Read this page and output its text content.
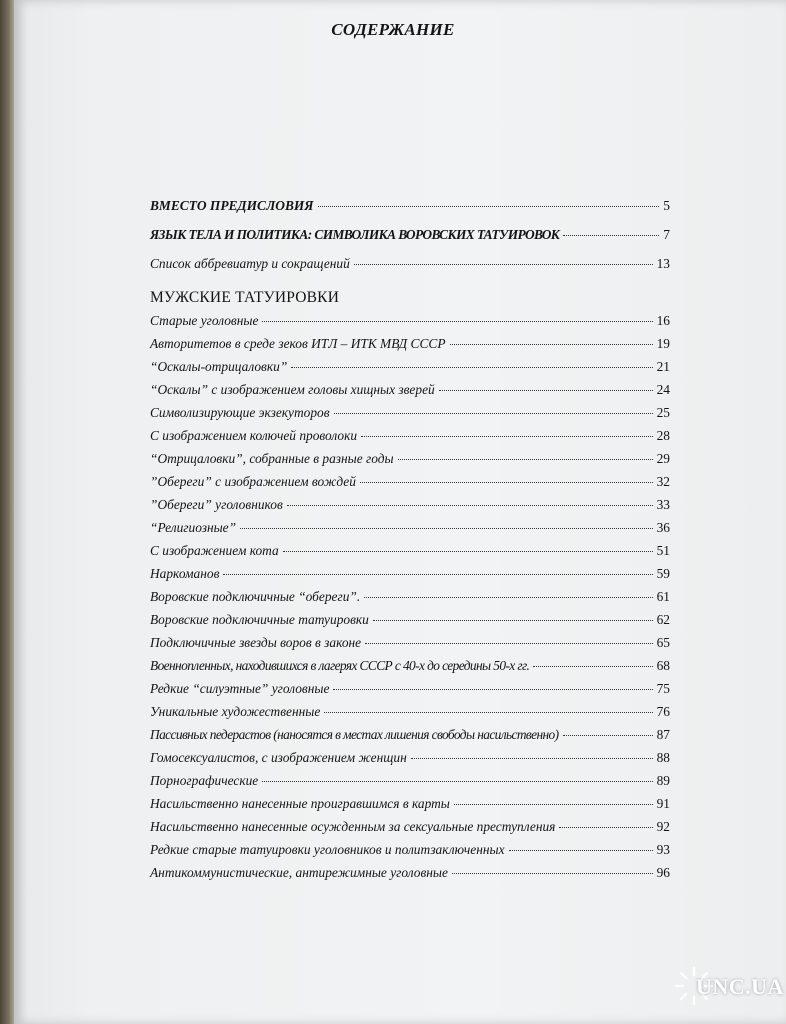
СОДЕРЖАНИЕ
ВМЕСТО ПРЕДИСЛОВИЯ	5
ЯЗЫК ТЕЛА И ПОЛИТИКА: СИМВОЛИКА ВОРОВСКИХ ТАТУИРОВОК	7
Список аббревиатур и сокращений	13
МУЖСКИЕ ТАТУИРОВКИ
Старые уголовные	16
Авторитетов в среде зеков ИТЛ – ИТК МВД СССР	19
“Оскалы-отрицаловки”	21
“Оскалы” с изображением головы хищных зверей	24
Символизирующие экзекуторов	25
С изображением колючей проволоки	28
“Отрицаловки”, собранные в разные годы	29
”Обереги” с изображением вождей	32
”Обереги” уголовников	33
“Религиозные”	36
С изображением кота	51
Наркоманов	59
Воровские подключичные “обереги”.	61
Воровские подключичные татуировки	62
Подключичные звезды воров в законе	65
Военнопленных, находившихся в лагерях СССР с 40-х до середины 50-х гг.	68
Редкие “силуэтные” уголовные	75
Уникальные художественные	76
Пассивных педерастов (наносятся в местах лишения свободы насильственно)	87
Гомосексуалистов, с изображением женщин	88
Порнографические	89
Насильственно нанесенные проигравшимся в карты	91
Насильственно нанесенные осужденным за сексуальные преступления	92
Редкие старые татуировки уголовников и политзаключенных	93
Антикоммунистические, антирежимные уголовные	96
UNC.UA
